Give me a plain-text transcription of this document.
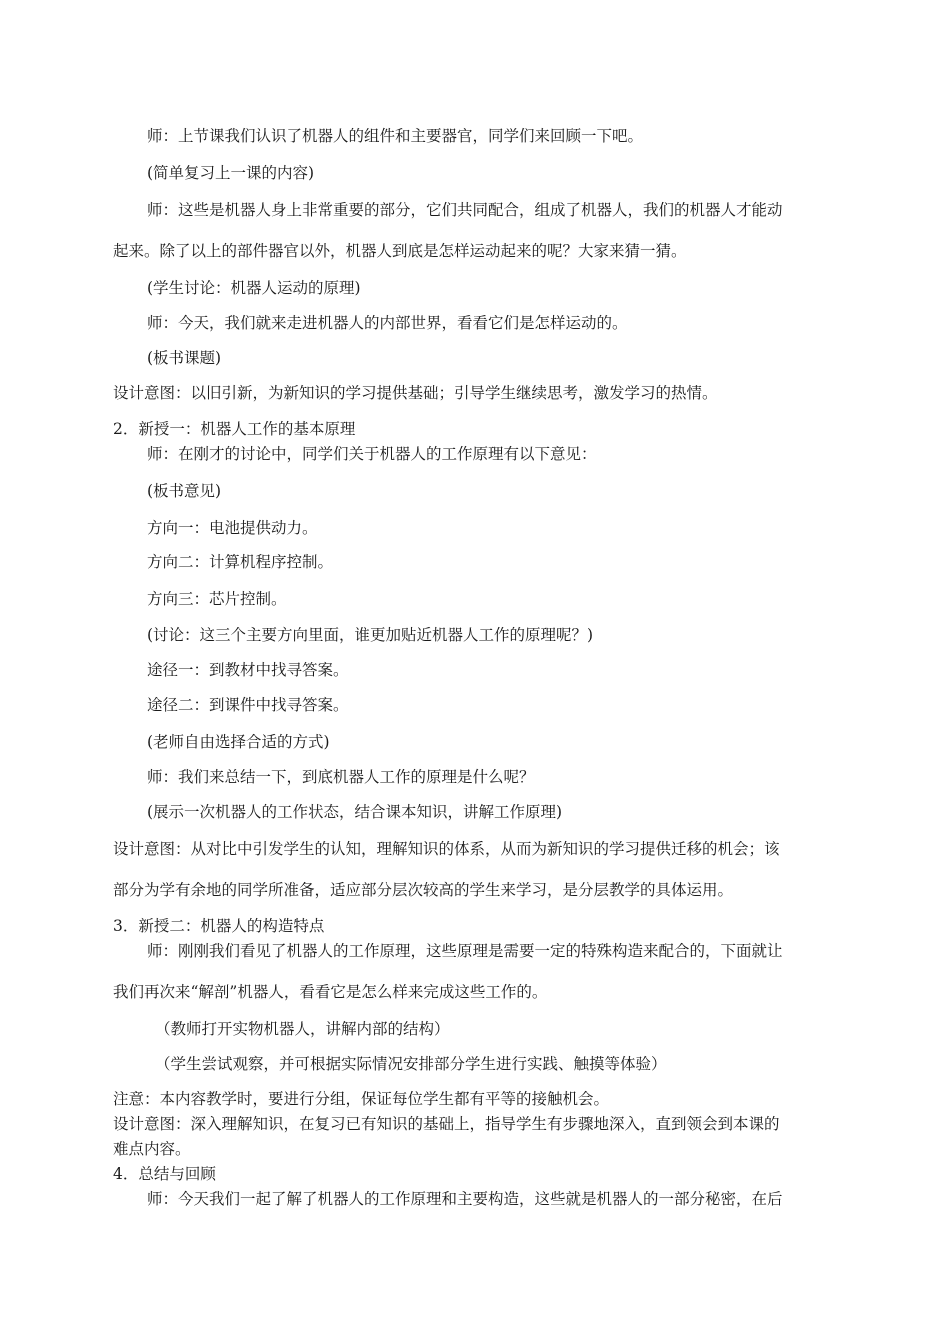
师：上节课我们认识了机器人的组件和主要器官，同学们来回顾一下吧。
(简单复习上一课的内容)
师：这些是机器人身上非常重要的部分，它们共同配合，组成了机器人，我们的机器人才能动
起来。除了以上的部件器官以外，机器人到底是怎样运动起来的呢？大家来猜一猜。
(学生讨论：机器人运动的原理)
师：今天，我们就来走进机器人的内部世界，看看它们是怎样运动的。
(板书课题)
设计意图：以旧引新，为新知识的学习提供基础；引导学生继续思考，激发学习的热情。
2．新授一：机器人工作的基本原理
师：在刚才的讨论中，同学们关于机器人的工作原理有以下意见：
(板书意见)
方向一：电池提供动力。
方向二：计算机程序控制。
方向三：芯片控制。
(讨论：这三个主要方向里面，谁更加贴近机器人工作的原理呢？)
途径一：到教材中找寻答案。
途径二：到课件中找寻答案。
(老师自由选择合适的方式)
师：我们来总结一下，到底机器人工作的原理是什么呢？
(展示一次机器人的工作状态，结合课本知识，讲解工作原理)
设计意图：从对比中引发学生的认知，理解知识的体系，从而为新知识的学习提供迁移的机会；该
部分为学有余地的同学所准备，适应部分层次较高的学生来学习，是分层教学的具体运用。
3．新授二：机器人的构造特点
师：刚刚我们看见了机器人的工作原理，这些原理是需要一定的特殊构造来配合的，下面就让
我们再次来“解剖”机器人，看看它是怎么样来完成这些工作的。
（教师打开实物机器人，讲解内部的结构）
（学生尝试观察，并可根据实际情况安排部分学生进行实践、触摸等体验）
注意：本内容教学时，要进行分组，保证每位学生都有平等的接触机会。
设计意图：深入理解知识，在复习已有知识的基础上，指导学生有步骤地深入，直到领会到本课的
难点内容。
4．总结与回顾
师：今天我们一起了解了机器人的工作原理和主要构造，这些就是机器人的一部分秘密，在后
